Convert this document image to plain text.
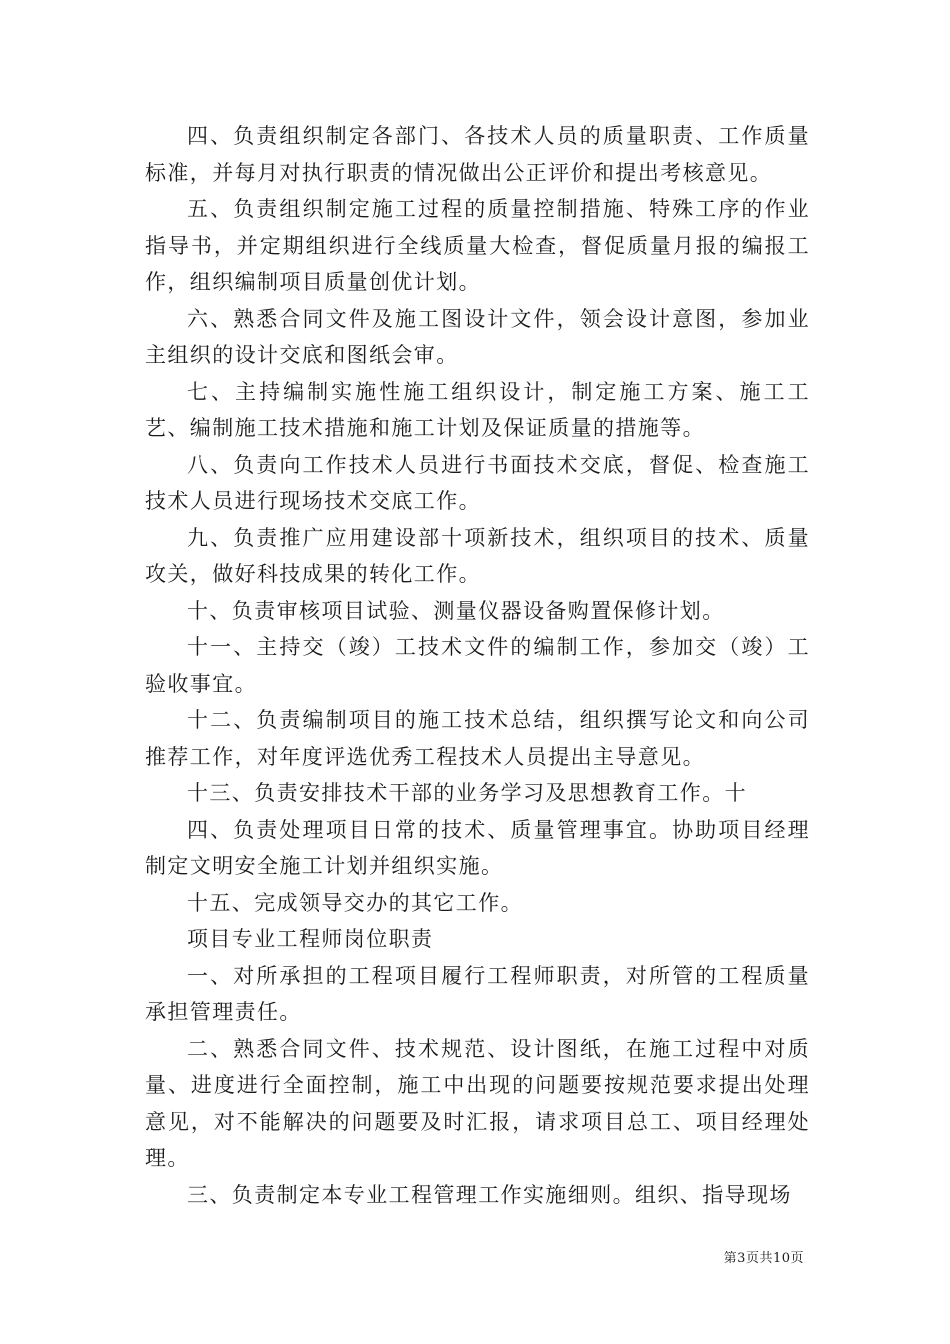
四、负责组织制定各部门、各技术人员的质量职责、工作质量标准，并每月对执行职责的情况做出公正评价和提出考核意见。

五、负责组织制定施工过程的质量控制措施、特殊工序的作业指导书，并定期组织进行全线质量大检查，督促质量月报的编报工作，组织编制项目质量创优计划。

六、熟悉合同文件及施工图设计文件，领会设计意图，参加业主组织的设计交底和图纸会审。

七、主持编制实施性施工组织设计，制定施工方案、施工工艺、编制施工技术措施和施工计划及保证质量的措施等。

八、负责向工作技术人员进行书面技术交底，督促、检查施工技术人员进行现场技术交底工作。

九、负责推广应用建设部十项新技术，组织项目的技术、质量攻关，做好科技成果的转化工作。

十、负责审核项目试验、测量仪器设备购置保修计划。

十一、主持交（竣）工技术文件的编制工作，参加交（竣）工验收事宜。

十二、负责编制项目的施工技术总结，组织撰写论文和向公司推荐工作，对年度评选优秀工程技术人员提出主导意见。

十三、负责安排技术干部的业务学习及思想教育工作。十

四、负责处理项目日常的技术、质量管理事宜。协助项目经理制定文明安全施工计划并组织实施。

十五、完成领导交办的其它工作。

项目专业工程师岗位职责

一、对所承担的工程项目履行工程师职责，对所管的工程质量承担管理责任。

二、熟悉合同文件、技术规范、设计图纸，在施工过程中对质量、进度进行全面控制，施工中出现的问题要按规范要求提出处理意见，对不能解决的问题要及时汇报，请求项目总工、项目经理处理。

三、负责制定本专业工程管理工作实施细则。组织、指导现场

第3页共10页
